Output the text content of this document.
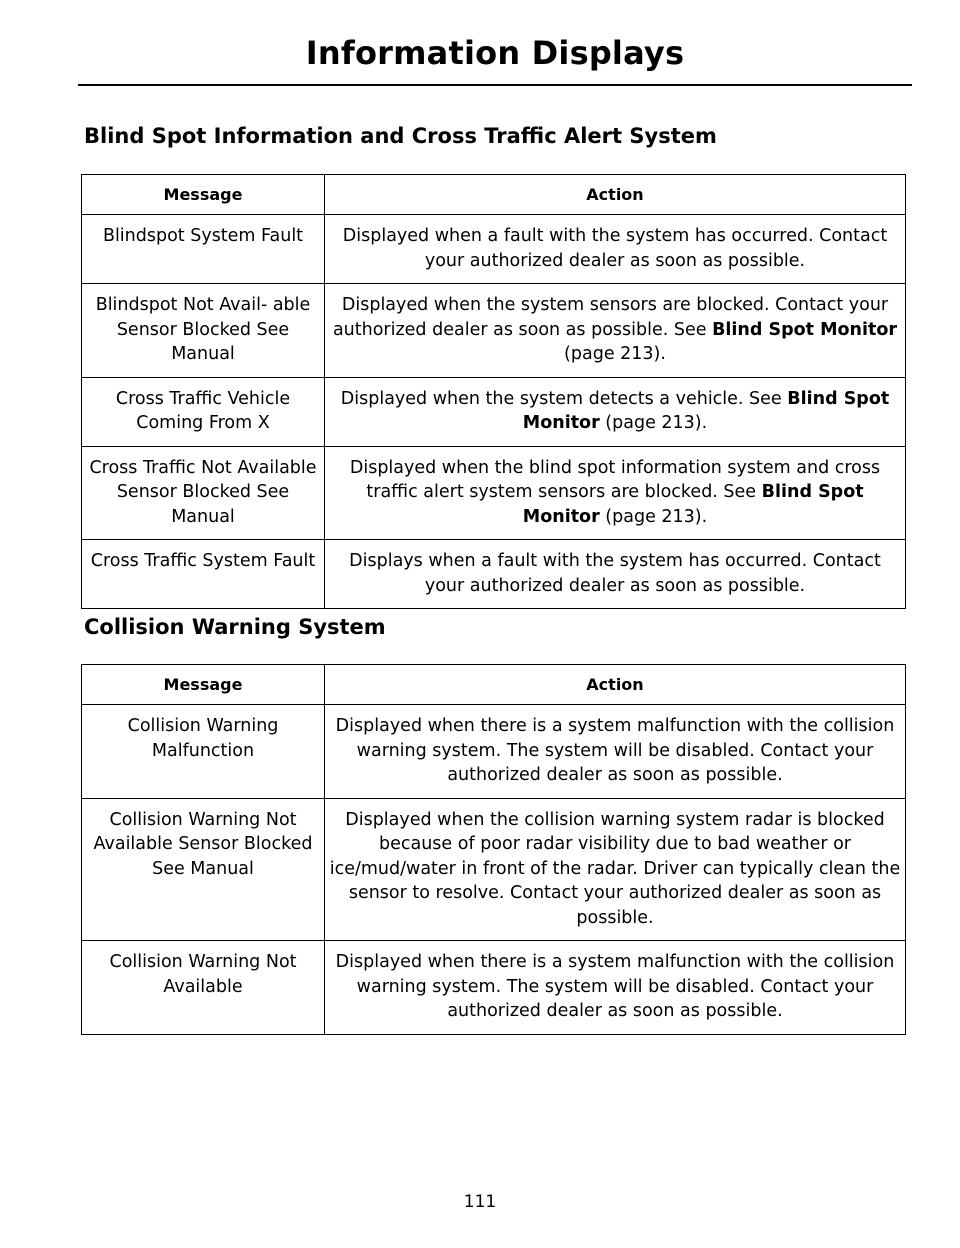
Information Displays
Blind Spot Information and Cross Traffic Alert System
Message	Action
Blindspot System Fault	Displayed when a fault with the system has occurred. Contact your authorized dealer as soon as possible.
Blindspot Not Avail- able Sensor Blocked See Manual	Displayed when the system sensors are blocked. Contact your authorized dealer as soon as possible. See Blind Spot Monitor (page 213).
Cross Traffic Vehicle Coming From X	Displayed when the system detects a vehicle. See Blind Spot Monitor (page 213).
Cross Traffic Not Available Sensor Blocked See Manual	Displayed when the blind spot information system and cross traffic alert system sensors are blocked. See Blind Spot Monitor (page 213).
Cross Traffic System Fault	Displays when a fault with the system has occurred. Contact your authorized dealer as soon as possible.
Collision Warning System
Message	Action
Collision Warning Malfunction	Displayed when there is a system malfunction with the collision warning system. The system will be disabled. Contact your authorized dealer as soon as possible.
Collision Warning Not Available Sensor Blocked See Manual	Displayed when the collision warning system radar is blocked because of poor radar visibility due to bad weather or ice/mud/water in front of the radar. Driver can typically clean the sensor to resolve. Contact your authorized dealer as soon as possible.
Collision Warning Not Available	Displayed when there is a system malfunction with the collision warning system. The system will be disabled. Contact your authorized dealer as soon as possible.
111
